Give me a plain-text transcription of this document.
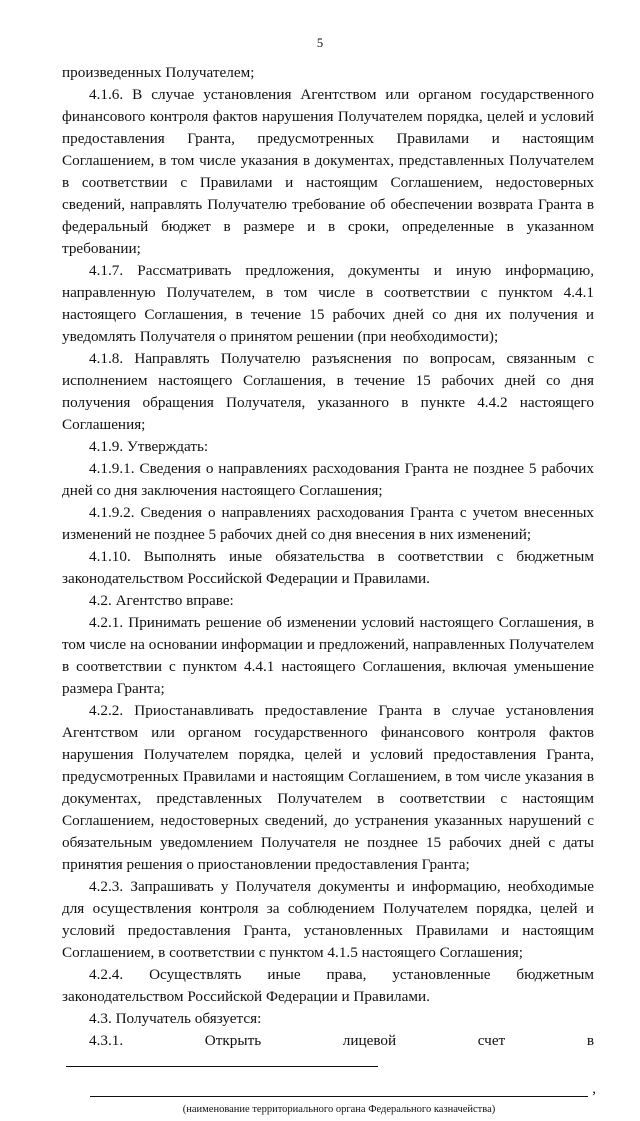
5

произведенных Получателем;

4.1.6. В случае установления Агентством или органом государственного финансового контроля фактов нарушения Получателем порядка, целей и условий предоставления Гранта, предусмотренных Правилами и настоящим Соглашением, в том числе указания в документах, представленных Получателем в соответствии с Правилами и настоящим Соглашением, недостоверных сведений, направлять Получателю требование об обеспечении возврата Гранта в федеральный бюджет в размере и в сроки, определенные в указанном требовании;

4.1.7. Рассматривать предложения, документы и иную информацию, направленную Получателем, в том числе в соответствии с пунктом 4.4.1 настоящего Соглашения, в течение 15 рабочих дней со дня их получения и уведомлять Получателя о принятом решении (при необходимости);

4.1.8. Направлять Получателю разъяснения по вопросам, связанным с исполнением настоящего Соглашения, в течение 15 рабочих дней со дня получения обращения Получателя, указанного в пункте 4.4.2 настоящего Соглашения;

4.1.9. Утверждать:

4.1.9.1. Сведения о направлениях расходования Гранта не позднее 5 рабочих дней со дня заключения настоящего Соглашения;

4.1.9.2. Сведения о направлениях расходования Гранта с учетом внесенных изменений не позднее 5 рабочих дней со дня внесения в них изменений;

4.1.10. Выполнять иные обязательства в соответствии с бюджетным законодательством Российской Федерации и Правилами.

4.2. Агентство вправе:

4.2.1. Принимать решение об изменении условий настоящего Соглашения, в том числе на основании информации и предложений, направленных Получателем в соответствии с пунктом 4.4.1 настоящего Соглашения, включая уменьшение размера Гранта;

4.2.2. Приостанавливать предоставление Гранта в случае установления Агентством или органом государственного финансового контроля фактов нарушения Получателем порядка, целей и условий предоставления Гранта, предусмотренных Правилами и настоящим Соглашением, в том числе указания в документах, представленных Получателем в соответствии с настоящим Соглашением, недостоверных сведений, до устранения указанных нарушений с обязательным уведомлением Получателя не позднее 15 рабочих дней с даты принятия решения о приостановлении предоставления Гранта;

4.2.3. Запрашивать у Получателя документы и информацию, необходимые для осуществления контроля за соблюдением Получателем порядка, целей и условий предоставления Гранта, установленных Правилами и настоящим Соглашением, в соответствии с пунктом 4.1.5 настоящего Соглашения;

4.2.4. Осуществлять иные права, установленные бюджетным законодательством Российской Федерации и Правилами.

4.3. Получатель обязуется:

4.3.1. Открыть лицевой счет в

,
(наименование территориального органа Федерального казначейства)
